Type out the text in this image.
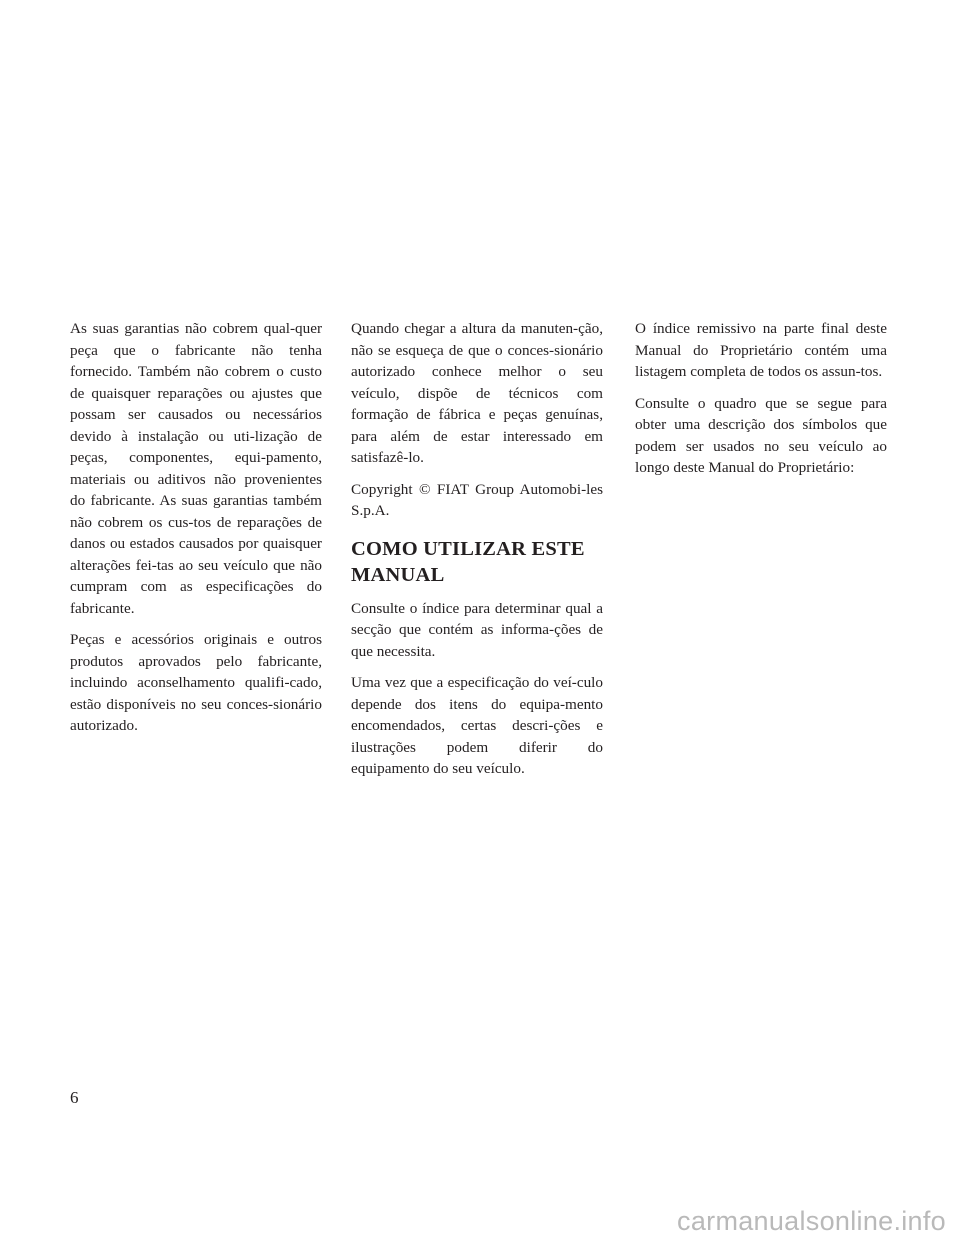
As suas garantias não cobrem qual-quer peça que o fabricante não tenha fornecido. Também não cobrem o custo de quaisquer reparações ou ajustes que possam ser causados ou necessários devido à instalação ou uti-lização de peças, componentes, equi-pamento, materiais ou aditivos não provenientes do fabricante. As suas garantias também não cobrem os cus-tos de reparações de danos ou estados causados por quaisquer alterações fei-tas ao seu veículo que não cumpram com as especificações do fabricante.

Peças e acessórios originais e outros produtos aprovados pelo fabricante, incluindo aconselhamento qualifi-cado, estão disponíveis no seu conces-sionário autorizado.

Quando chegar a altura da manuten-ção, não se esqueça de que o conces-sionário autorizado conhece melhor o seu veículo, dispõe de técnicos com formação de fábrica e peças genuínas, para além de estar interessado em satisfazê-lo.

Copyright © FIAT Group Automobi-les S.p.A.

COMO UTILIZAR ESTE MANUAL

Consulte o índice para determinar qual a secção que contém as informa-ções de que necessita.

Uma vez que a especificação do veí-culo depende dos itens do equipa-mento encomendados, certas descri-ções e ilustrações podem diferir do equipamento do seu veículo.

O índice remissivo na parte final deste Manual do Proprietário contém uma listagem completa de todos os assun-tos.

Consulte o quadro que se segue para obter uma descrição dos símbolos que podem ser usados no seu veículo ao longo deste Manual do Proprietário:

6
carmanualsonline.info
